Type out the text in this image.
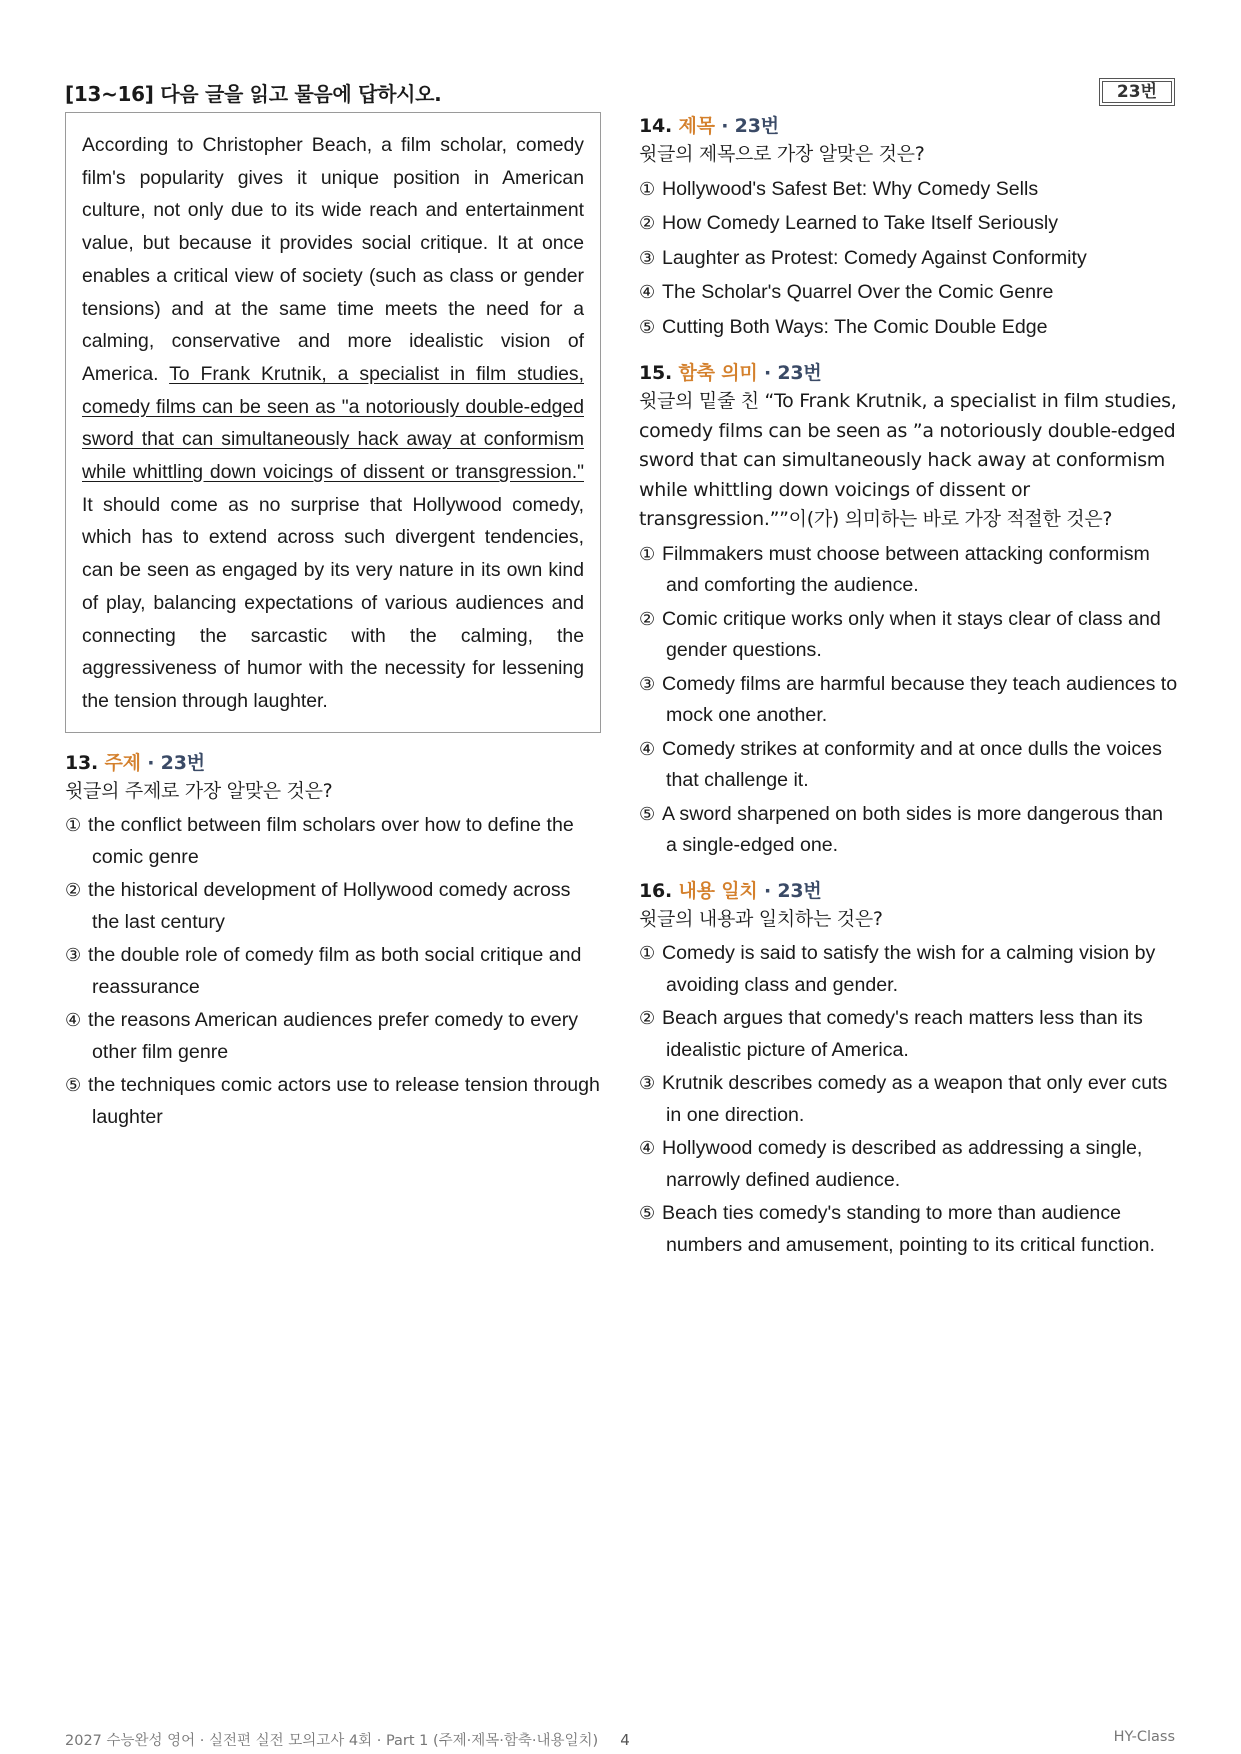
[13~16] 다음 글을 읽고 물음에 답하시오.	23번
According to Christopher Beach, a film scholar, comedy film's popularity gives it unique position in American culture, not only due to its wide reach and entertainment value, but because it provides social critique. It at once enables a critical view of society (such as class or gender tensions) and at the same time meets the need for a calming, conservative and more idealistic vision of America. To Frank Krutnik, a specialist in film studies, comedy films can be seen as "a notoriously double-edged sword that can simultaneously hack away at conformism while whittling down voicings of dissent or transgression." It should come as no surprise that Hollywood comedy, which has to extend across such divergent tendencies, can be seen as engaged by its very nature in its own kind of play, balancing expectations of various audiences and connecting the sarcastic with the calming, the aggressiveness of humor with the necessity for lessening the tension through laughter.
13. 주제 · 23번
윗글의 주제로 가장 알맞은 것은?
① the conflict between film scholars over how to define the comic genre
② the historical development of Hollywood comedy across the last century
③ the double role of comedy film as both social critique and reassurance
④ the reasons American audiences prefer comedy to every other film genre
⑤ the techniques comic actors use to release tension through laughter
14. 제목 · 23번
윗글의 제목으로 가장 알맞은 것은?
① Hollywood's Safest Bet: Why Comedy Sells
② How Comedy Learned to Take Itself Seriously
③ Laughter as Protest: Comedy Against Conformity
④ The Scholar's Quarrel Over the Comic Genre
⑤ Cutting Both Ways: The Comic Double Edge
15. 함축 의미 · 23번
윗글의 밑줄 친 “To Frank Krutnik, a specialist in film studies, comedy films can be seen as ”a notoriously double-edged sword that can simultaneously hack away at conformism while whittling down voicings of dissent or transgression.””이(가) 의미하는 바로 가장 적절한 것은?
① Filmmakers must choose between attacking conformism and comforting the audience.
② Comic critique works only when it stays clear of class and gender questions.
③ Comedy films are harmful because they teach audiences to mock one another.
④ Comedy strikes at conformity and at once dulls the voices that challenge it.
⑤ A sword sharpened on both sides is more dangerous than a single-edged one.
16. 내용 일치 · 23번
윗글의 내용과 일치하는 것은?
① Comedy is said to satisfy the wish for a calming vision by avoiding class and gender.
② Beach argues that comedy's reach matters less than its idealistic picture of America.
③ Krutnik describes comedy as a weapon that only ever cuts in one direction.
④ Hollywood comedy is described as addressing a single, narrowly defined audience.
⑤ Beach ties comedy's standing to more than audience numbers and amusement, pointing to its critical function.
2027 수능완성 영어 · 실전편 실전 모의고사 4회 · Part 1 (주제·제목·함축·내용일치) 4	HY-Class
